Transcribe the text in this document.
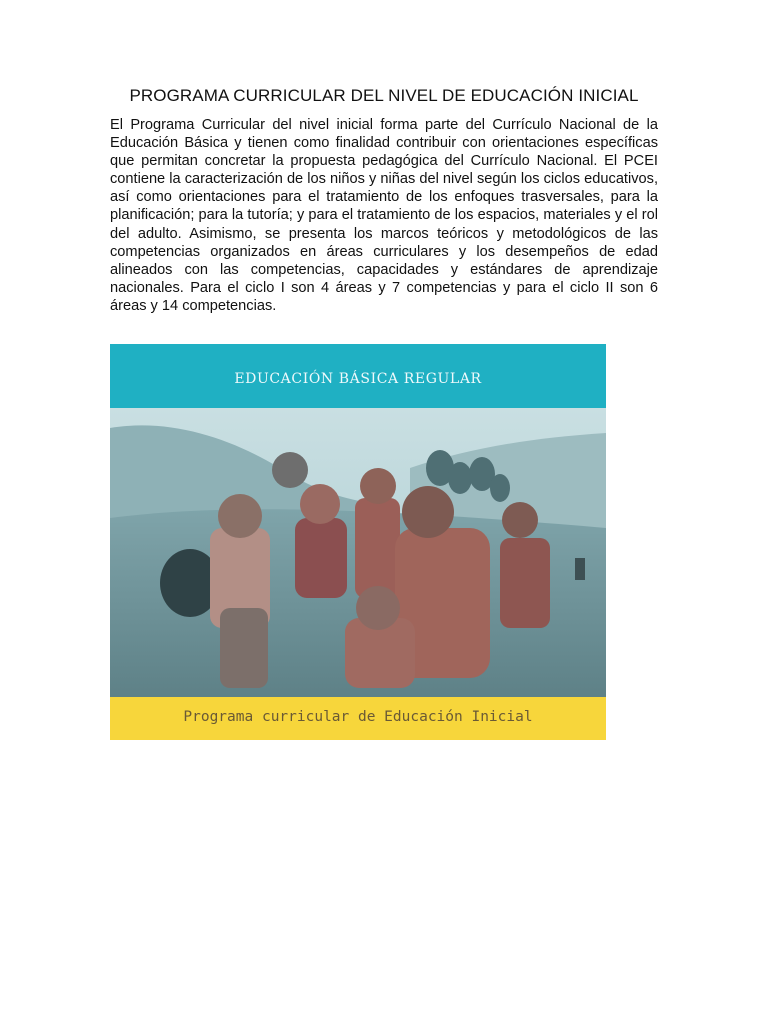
PROGRAMA CURRICULAR DEL NIVEL DE EDUCACIÓN INICIAL
El Programa Curricular del nivel inicial forma parte del Currículo Nacional de la Educación Básica y tienen como finalidad contribuir con orientaciones específicas que permitan concretar la propuesta pedagógica del Currículo Nacional. El PCEI contiene la caracterización de los niños y niñas del nivel según los ciclos educativos, así como orientaciones para el tratamiento de los enfoques trasversales, para la planificación; para la tutoría; y para el tratamiento de los espacios, materiales y el rol del adulto. Asimismo, se presenta los marcos teóricos y metodológicos de las competencias organizados en áreas curriculares y los desempeños de edad alineados con las competencias, capacidades y estándares de aprendizaje nacionales. Para el ciclo I son 4 áreas y 7 competencias y para el ciclo II son 6 áreas y 14 competencias.
EDUCACIÓN BÁSICA REGULAR
Programa curricular de Educación Inicial
